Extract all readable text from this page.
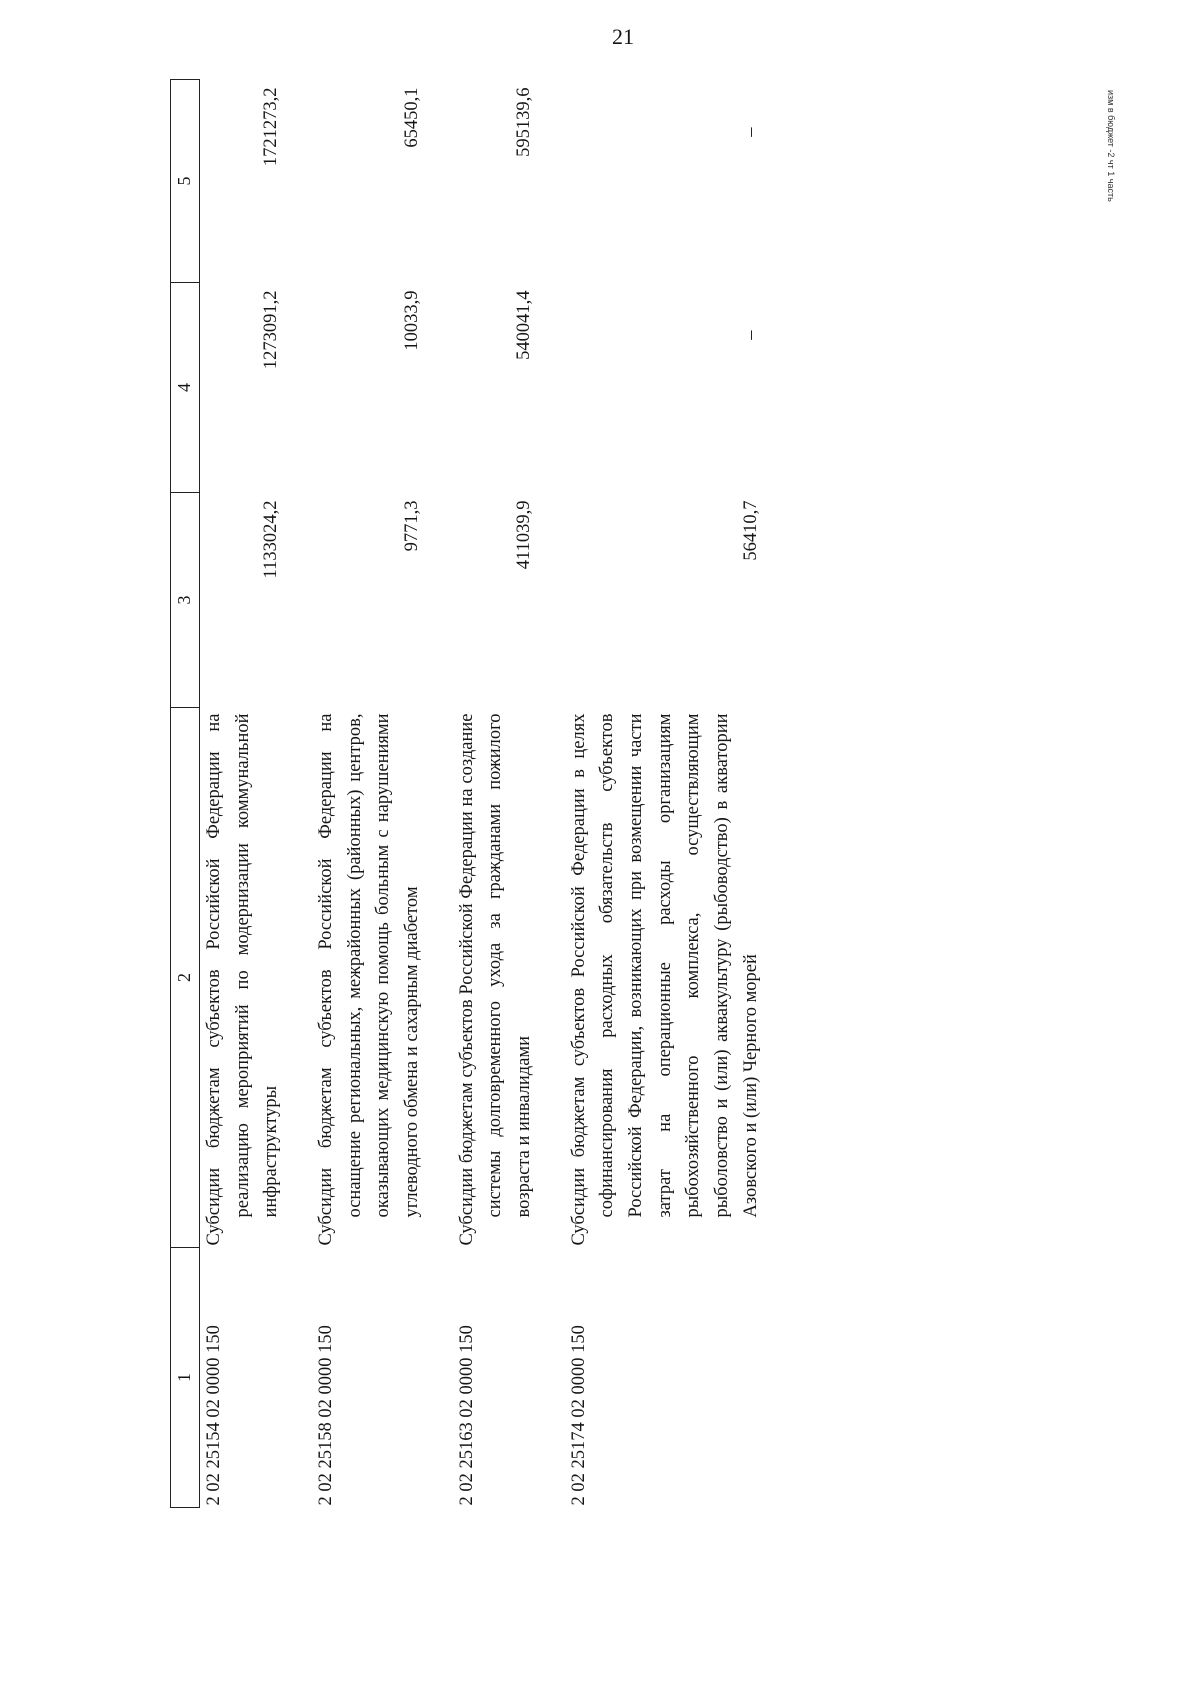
21
1	2	3	4	5
2 02 25154 02 0000 150	Субсидии бюджетам субъектов Российской Федерации на реализацию мероприятий по модернизации коммунальной инфраструктуры	1133024,2	1273091,2	1721273,2
2 02 25158 02 0000 150	Субсидии бюджетам субъектов Российской Федерации на оснащение региональных, межрайонных (районных) центров, оказывающих медицинскую помощь больным с нарушениями углеводного обмена и сахарным диабетом	9771,3	10033,9	65450,1
2 02 25163 02 0000 150	Субсидии бюджетам субъектов Российской Федерации на создание системы долговременного ухода за гражданами пожилого возраста и инвалидами	411039,9	540041,4	595139,6
2 02 25174 02 0000 150	Субсидии бюджетам субъектов Российской Федерации в целях софинансирования расходных обязательств субъектов Российской Федерации, возникающих при возмещении части затрат на операционные расходы организациям рыбохозяйственного комплекса, осуществляющим рыболовство и (или) аквакультуру (рыбоводство) в акватории Азовского и (или) Черного морей	56410,7	–	–	изм в бюджет -2 чт 1 часть
